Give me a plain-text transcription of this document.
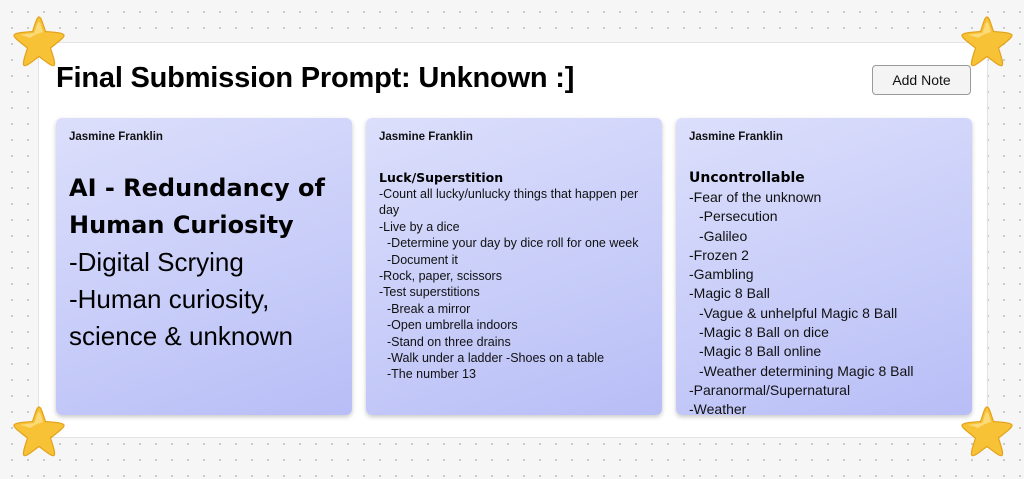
Final Submission Prompt: Unknown :]	Add Note
Jasmine Franklin
AI - Redundancy of
Human Curiosity
-Digital Scrying
-Human curiosity,
science & unknown
Jasmine Franklin
Luck/Superstition
-Count all lucky/unlucky things that happen per day
-Live by a dice
-Determine your day by dice roll for one week
-Document it
-Rock, paper, scissors
-Test superstitions
-Break a mirror
-Open umbrella indoors
-Stand on three drains
-Walk under a ladder -Shoes on a table
-The number 13
Jasmine Franklin
Uncontrollable
-Fear of the unknown
-Persecution
-Galileo
-Frozen 2
-Gambling
-Magic 8 Ball
-Vague & unhelpful Magic 8 Ball
-Magic 8 Ball on dice
-Magic 8 Ball online
-Weather determining Magic 8 Ball
-Paranormal/Supernatural
-Weather
